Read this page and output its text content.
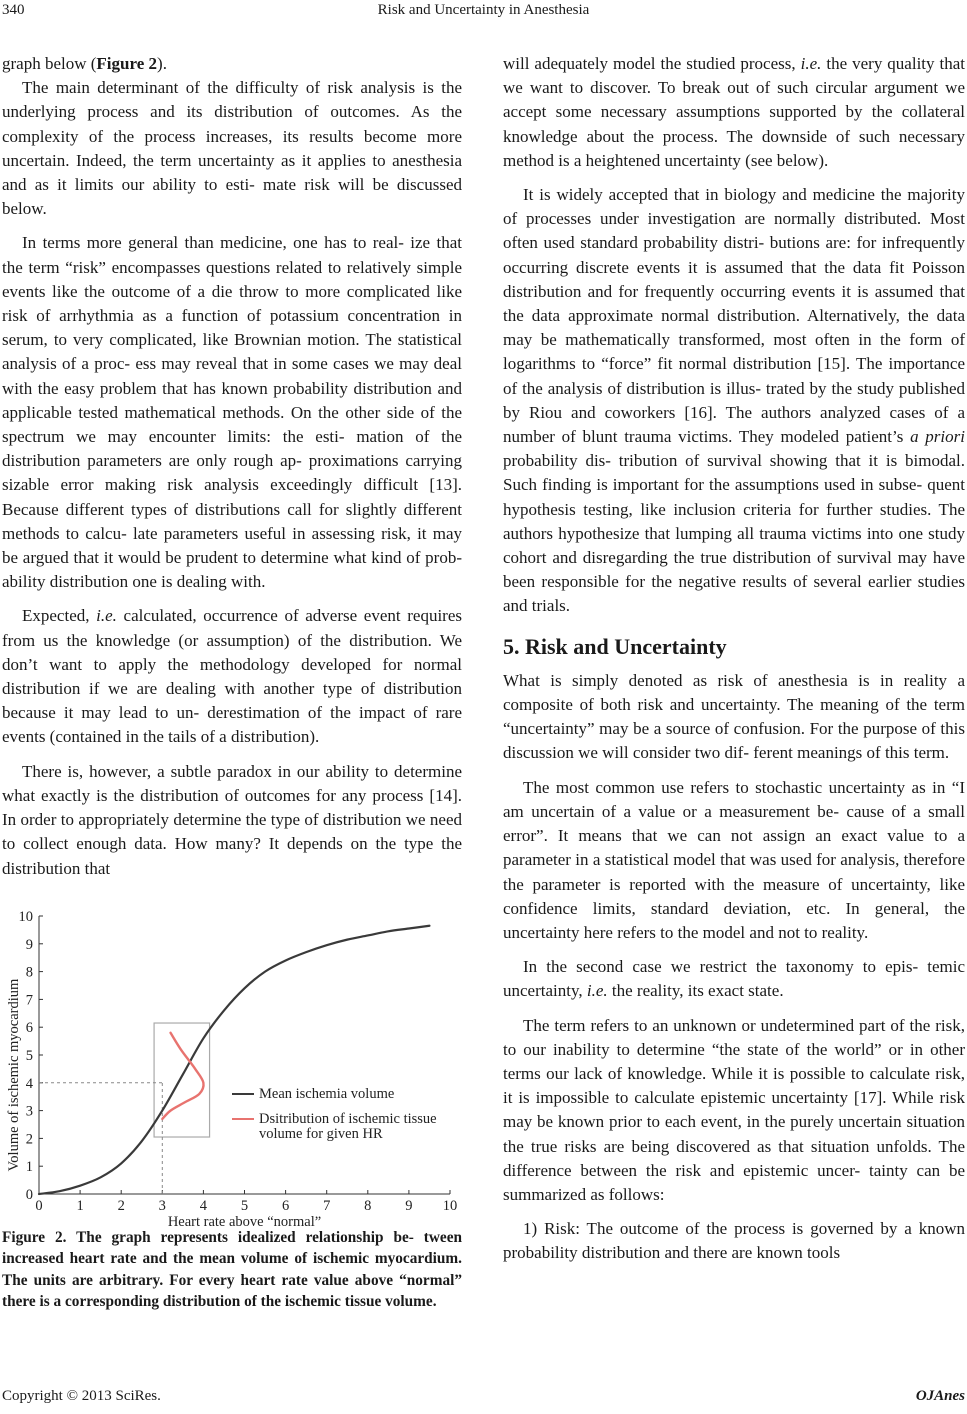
340	Risk and Uncertainty in Anesthesia

graph below (Figure 2).

The main determinant of the difficulty of risk analysis is the underlying process and its distribution of outcomes. As the complexity of the process increases, its results become more uncertain. Indeed, the term uncertainty as it applies to anesthesia and as it limits our ability to esti- mate risk will be discussed below.

In terms more general than medicine, one has to real- ize that the term “risk” encompasses questions related to relatively simple events like the outcome of a die throw to more complicated like risk of arrhythmia as a function of potassium concentration in serum, to very complicated, like Brownian motion. The statistical analysis of a proc- ess may reveal that in some cases we may deal with the easy problem that has known probability distribution and applicable tested mathematical methods. On the other side of the spectrum we may encounter limits: the esti- mation of the distribution parameters are only rough ap- proximations carrying sizable error making risk analysis exceedingly difficult [13]. Because different types of distributions call for slightly different methods to calcu- late parameters useful in assessing risk, it may be argued that it would be prudent to determine what kind of prob- ability distribution one is dealing with.

Expected, i.e. calculated, occurrence of adverse event requires from us the knowledge (or assumption) of the distribution. We don’t want to apply the methodology developed for normal distribution if we are dealing with another type of distribution because it may lead to un- derestimation of the impact of rare events (contained in the tails of a distribution).

There is, however, a subtle paradox in our ability to determine what exactly is the distribution of outcomes for any process [14]. In order to appropriately determine the type of distribution we need to collect enough data. How many? It depends on the type the distribution that

0 1 2 3 4 5 6 7 8 9 10
0
1
2
3
4
5
6
7
8
9
10
Heart rate above “normal”
Volume of ischemic myocardium	Mean ischemia volume
Dsitribution of ischemic tissue volume for given HR
Figure 2. The graph represents idealized relationship be- tween increased heart rate and the mean volume of ischemic myocardium. The units are arbitrary. For every heart rate value above “normal” there is a corresponding distribution of the ischemic tissue volume.

will adequately model the studied process, i.e. the very quality that we want to discover. To break out of such circular argument we accept some necessary assumptions supported by the collateral knowledge about the process. The downside of such necessary method is a heightened uncertainty (see below).

It is widely accepted that in biology and medicine the majority of processes under investigation are normally distributed. Most often used standard probability distri- butions are: for infrequently occurring discrete events it is assumed that the data fit Poisson distribution and for frequently occurring events it is assumed that the data approximate normal distribution. Alternatively, the data may be mathematically transformed, most often in the form of logarithms to “force” fit normal distribution [15]. The importance of the analysis of distribution is illus- trated by the study published by Riou and coworkers [16]. The authors analyzed cases of a number of blunt trauma victims. They modeled patient’s a priori probability dis- tribution of survival showing that it is bimodal. Such finding is important for the assumptions used in subse- quent hypothesis testing, like inclusion criteria for further studies. The authors hypothesize that lumping all trauma victims into one study cohort and disregarding the true distribution of survival may have been responsible for the negative results of several earlier studies and trials.

5. Risk and Uncertainty

What is simply denoted as risk of anesthesia is in reality a composite of both risk and uncertainty. The meaning of the term “uncertainty” may be a source of confusion. For the purpose of this discussion we will consider two dif- ferent meanings of this term.

The most common use refers to stochastic uncertainty as in “I am uncertain of a value or a measurement be- cause of a small error”. It means that we can not assign an exact value to a parameter in a statistical model that was used for analysis, therefore the parameter is reported with the measure of uncertainty, like confidence limits, standard deviation, etc. In general, the uncertainty here refers to the model and not to reality.

In the second case we restrict the taxonomy to epis- temic uncertainty, i.e. the reality, its exact state.

The term refers to an unknown or undetermined part of the risk, to our inability to determine “the state of the world” or in other terms our lack of knowledge. While it is possible to calculate risk, it is impossible to calculate epistemic uncertainty [17]. While risk may be known prior to each event, in the purely uncertain situation the true risks are being discovered as that situation unfolds. The difference between the risk and epistemic uncer- tainty can be summarized as follows:

1) Risk: The outcome of the process is governed by a known probability distribution and there are known tools

Copyright © 2013 SciRes.	OJAnes
